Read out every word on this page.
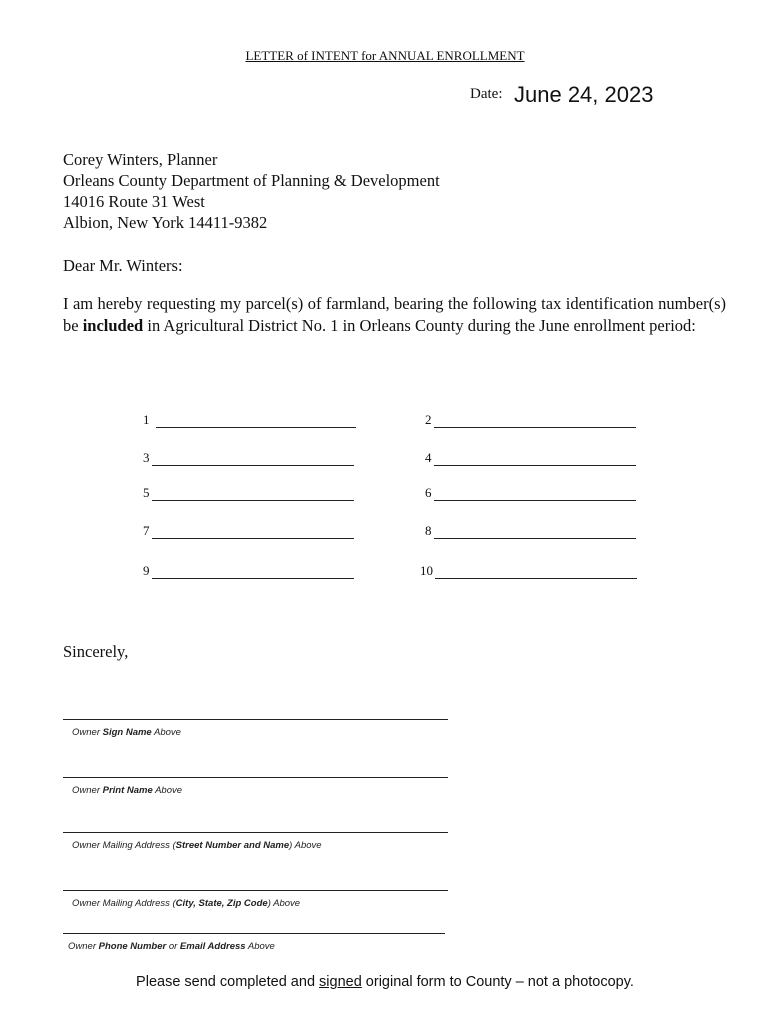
LETTER of INTENT for ANNUAL ENROLLMENT
Date: June 24, 2023
Corey Winters, Planner
Orleans County Department of Planning & Development
14016 Route 31 West
Albion, New York 14411-9382
Dear Mr. Winters:
I am hereby requesting my parcel(s) of farmland, bearing the following tax identification number(s) be included in Agricultural District No. 1 in Orleans County during the June enrollment period:
1	2
3	4
5	6
7	8
9	10
Sincerely,
Owner Sign Name Above
Owner Print Name Above
Owner Mailing Address (Street Number and Name) Above
Owner Mailing Address (City, State, Zip Code) Above
Owner Phone Number or Email Address Above
Please send completed and signed original form to County – not a photocopy.
